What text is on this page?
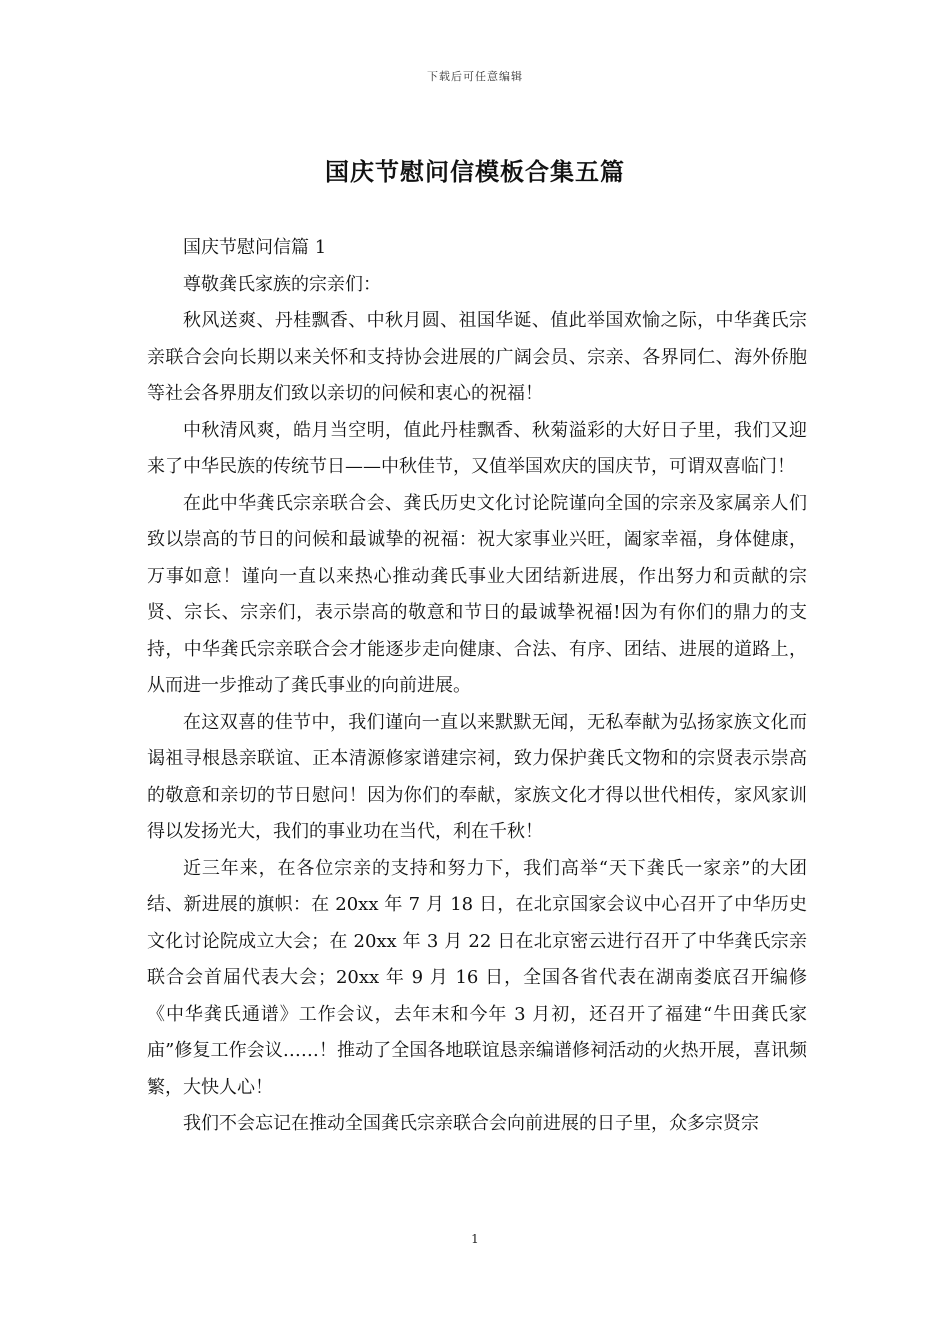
下载后可任意编辑
国庆节慰问信模板合集五篇

国庆节慰问信篇 1

尊敬龚氏家族的宗亲们：

秋风送爽、丹桂飘香、中秋月圆、祖国华诞、值此举国欢愉之际，中华龚氏宗亲联合会向长期以来关怀和支持协会进展的广阔会员、宗亲、各界同仁、海外侨胞等社会各界朋友们致以亲切的问候和衷心的祝福！

中秋清风爽，皓月当空明，值此丹桂飘香、秋菊溢彩的大好日子里，我们又迎来了中华民族的传统节日——中秋佳节，又值举国欢庆的国庆节，可谓双喜临门！

在此中华龚氏宗亲联合会、龚氏历史文化讨论院谨向全国的宗亲及家属亲人们致以崇高的节日的问候和最诚挚的祝福：祝大家事业兴旺，阖家幸福，身体健康，万事如意！谨向一直以来热心推动龚氏事业大团结新进展，作出努力和贡献的宗贤、宗长、宗亲们，表示崇高的敬意和节日的最诚挚祝福!因为有你们的鼎力的支持，中华龚氏宗亲联合会才能逐步走向健康、合法、有序、团结、进展的道路上，从而进一步推动了龚氏事业的向前进展。

在这双喜的佳节中，我们谨向一直以来默默无闻，无私奉献为弘扬家族文化而谒祖寻根恳亲联谊、正本清源修家谱建宗祠，致力保护龚氏文物和的宗贤表示崇高的敬意和亲切的节日慰问！因为你们的奉献，家族文化才得以世代相传，家风家训得以发扬光大，我们的事业功在当代，利在千秋！

近三年来，在各位宗亲的支持和努力下，我们高举“天下龚氏一家亲”的大团结、新进展的旗帜：在 20xx 年 7 月 18 日，在北京国家会议中心召开了中华历史文化讨论院成立大会；在 20xx 年 3 月 22 日在北京密云进行召开了中华龚氏宗亲联合会首届代表大会；20xx 年 9 月 16 日，全国各省代表在湖南娄底召开编修《中华龚氏通谱》工作会议，去年末和今年 3 月初，还召开了福建“牛田龚氏家庙”修复工作会议……！推动了全国各地联谊恳亲编谱修祠活动的火热开展，喜讯频繁，大快人心！

我们不会忘记在推动全国龚氏宗亲联合会向前进展的日子里，众多宗贤宗

1
